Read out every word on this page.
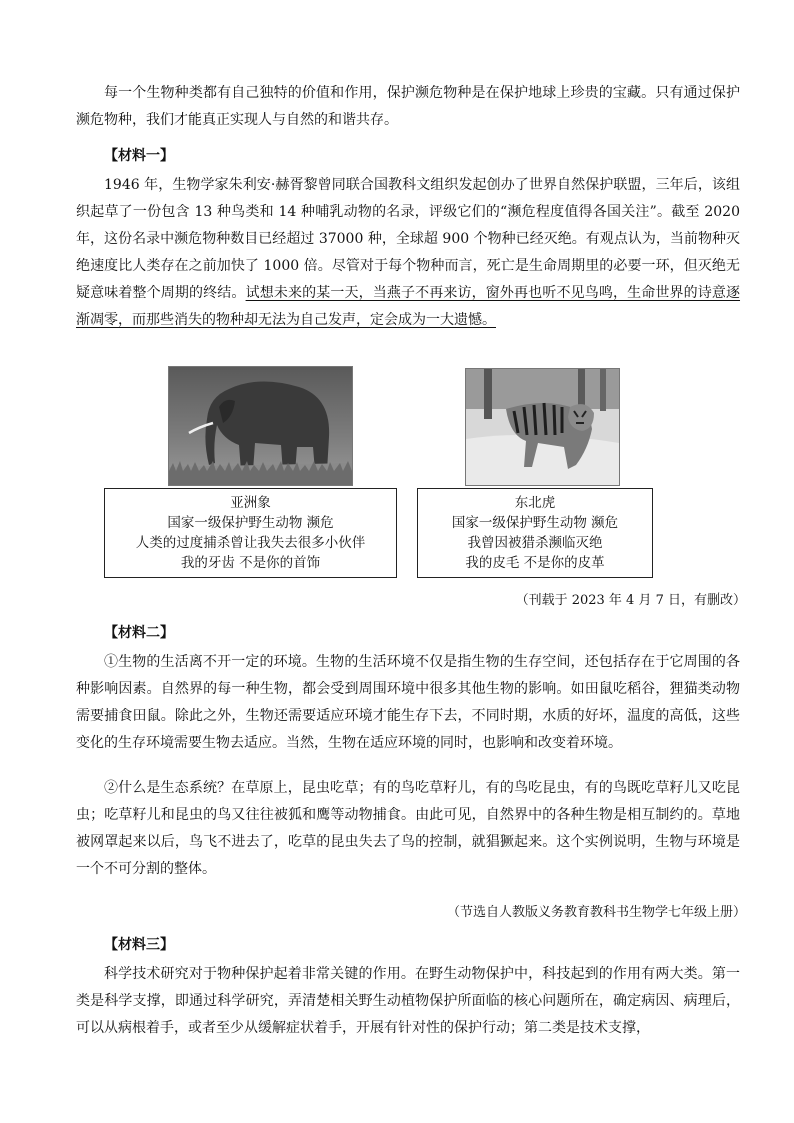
每一个生物种类都有自己独特的价值和作用，保护濒危物种是在保护地球上珍贵的宝藏。只有通过保护濒危物种，我们才能真正实现人与自然的和谐共存。

【材料一】

1946 年，生物学家朱利安·赫胥黎曾同联合国教科文组织发起创办了世界自然保护联盟，三年后，该组织起草了一份包含 13 种鸟类和 14 种哺乳动物的名录，评级它们的“濒危程度值得各国关注”。截至 2020 年，这份名录中濒危物种数目已经超过 37000 种，全球超 900 个物种已经灭绝。有观点认为，当前物种灭绝速度比人类存在之前加快了 1000 倍。尽管对于每个物种而言，死亡是生命周期里的必要一环，但灭绝无疑意味着整个周期的终结。试想未来的某一天，当燕子不再来访，窗外再也听不见鸟鸣，生命世界的诗意逐渐凋零，而那些消失的物种却无法为自己发声，定会成为一大遗憾。

亚洲象
国家一级保护野生动物 濒危
人类的过度捕杀曾让我失去很多小伙伴
我的牙齿 不是你的首饰
东北虎
国家一级保护野生动物 濒危
我曾因被猎杀濒临灭绝
我的皮毛 不是你的皮革

（刊载于 2023 年 4 月 7 日，有删改）

【材料二】

①生物的生活离不开一定的环境。生物的生活环境不仅是指生物的生存空间，还包括存在于它周围的各种影响因素。自然界的每一种生物，都会受到周围环境中很多其他生物的影响。如田鼠吃稻谷，狸猫类动物需要捕食田鼠。除此之外，生物还需要适应环境才能生存下去，不同时期，水质的好坏，温度的高低，这些变化的生存环境需要生物去适应。当然，生物在适应环境的同时，也影响和改变着环境。

②什么是生态系统？在草原上，昆虫吃草；有的鸟吃草籽儿，有的鸟吃昆虫，有的鸟既吃草籽儿又吃昆虫；吃草籽儿和昆虫的鸟又往往被狐和鹰等动物捕食。由此可见，自然界中的各种生物是相互制约的。草地被网罩起来以后，鸟飞不进去了，吃草的昆虫失去了鸟的控制，就猖獗起来。这个实例说明，生物与环境是一个不可分割的整体。

（节选自人教版义务教育教科书生物学七年级上册）

【材料三】

科学技术研究对于物种保护起着非常关键的作用。在野生动物保护中，科技起到的作用有两大类。第一类是科学支撑，即通过科学研究，弄清楚相关野生动植物保护所面临的核心问题所在，确定病因、病理后，可以从病根着手，或者至少从缓解症状着手，开展有针对性的保护行动；第二类是技术支撑，
